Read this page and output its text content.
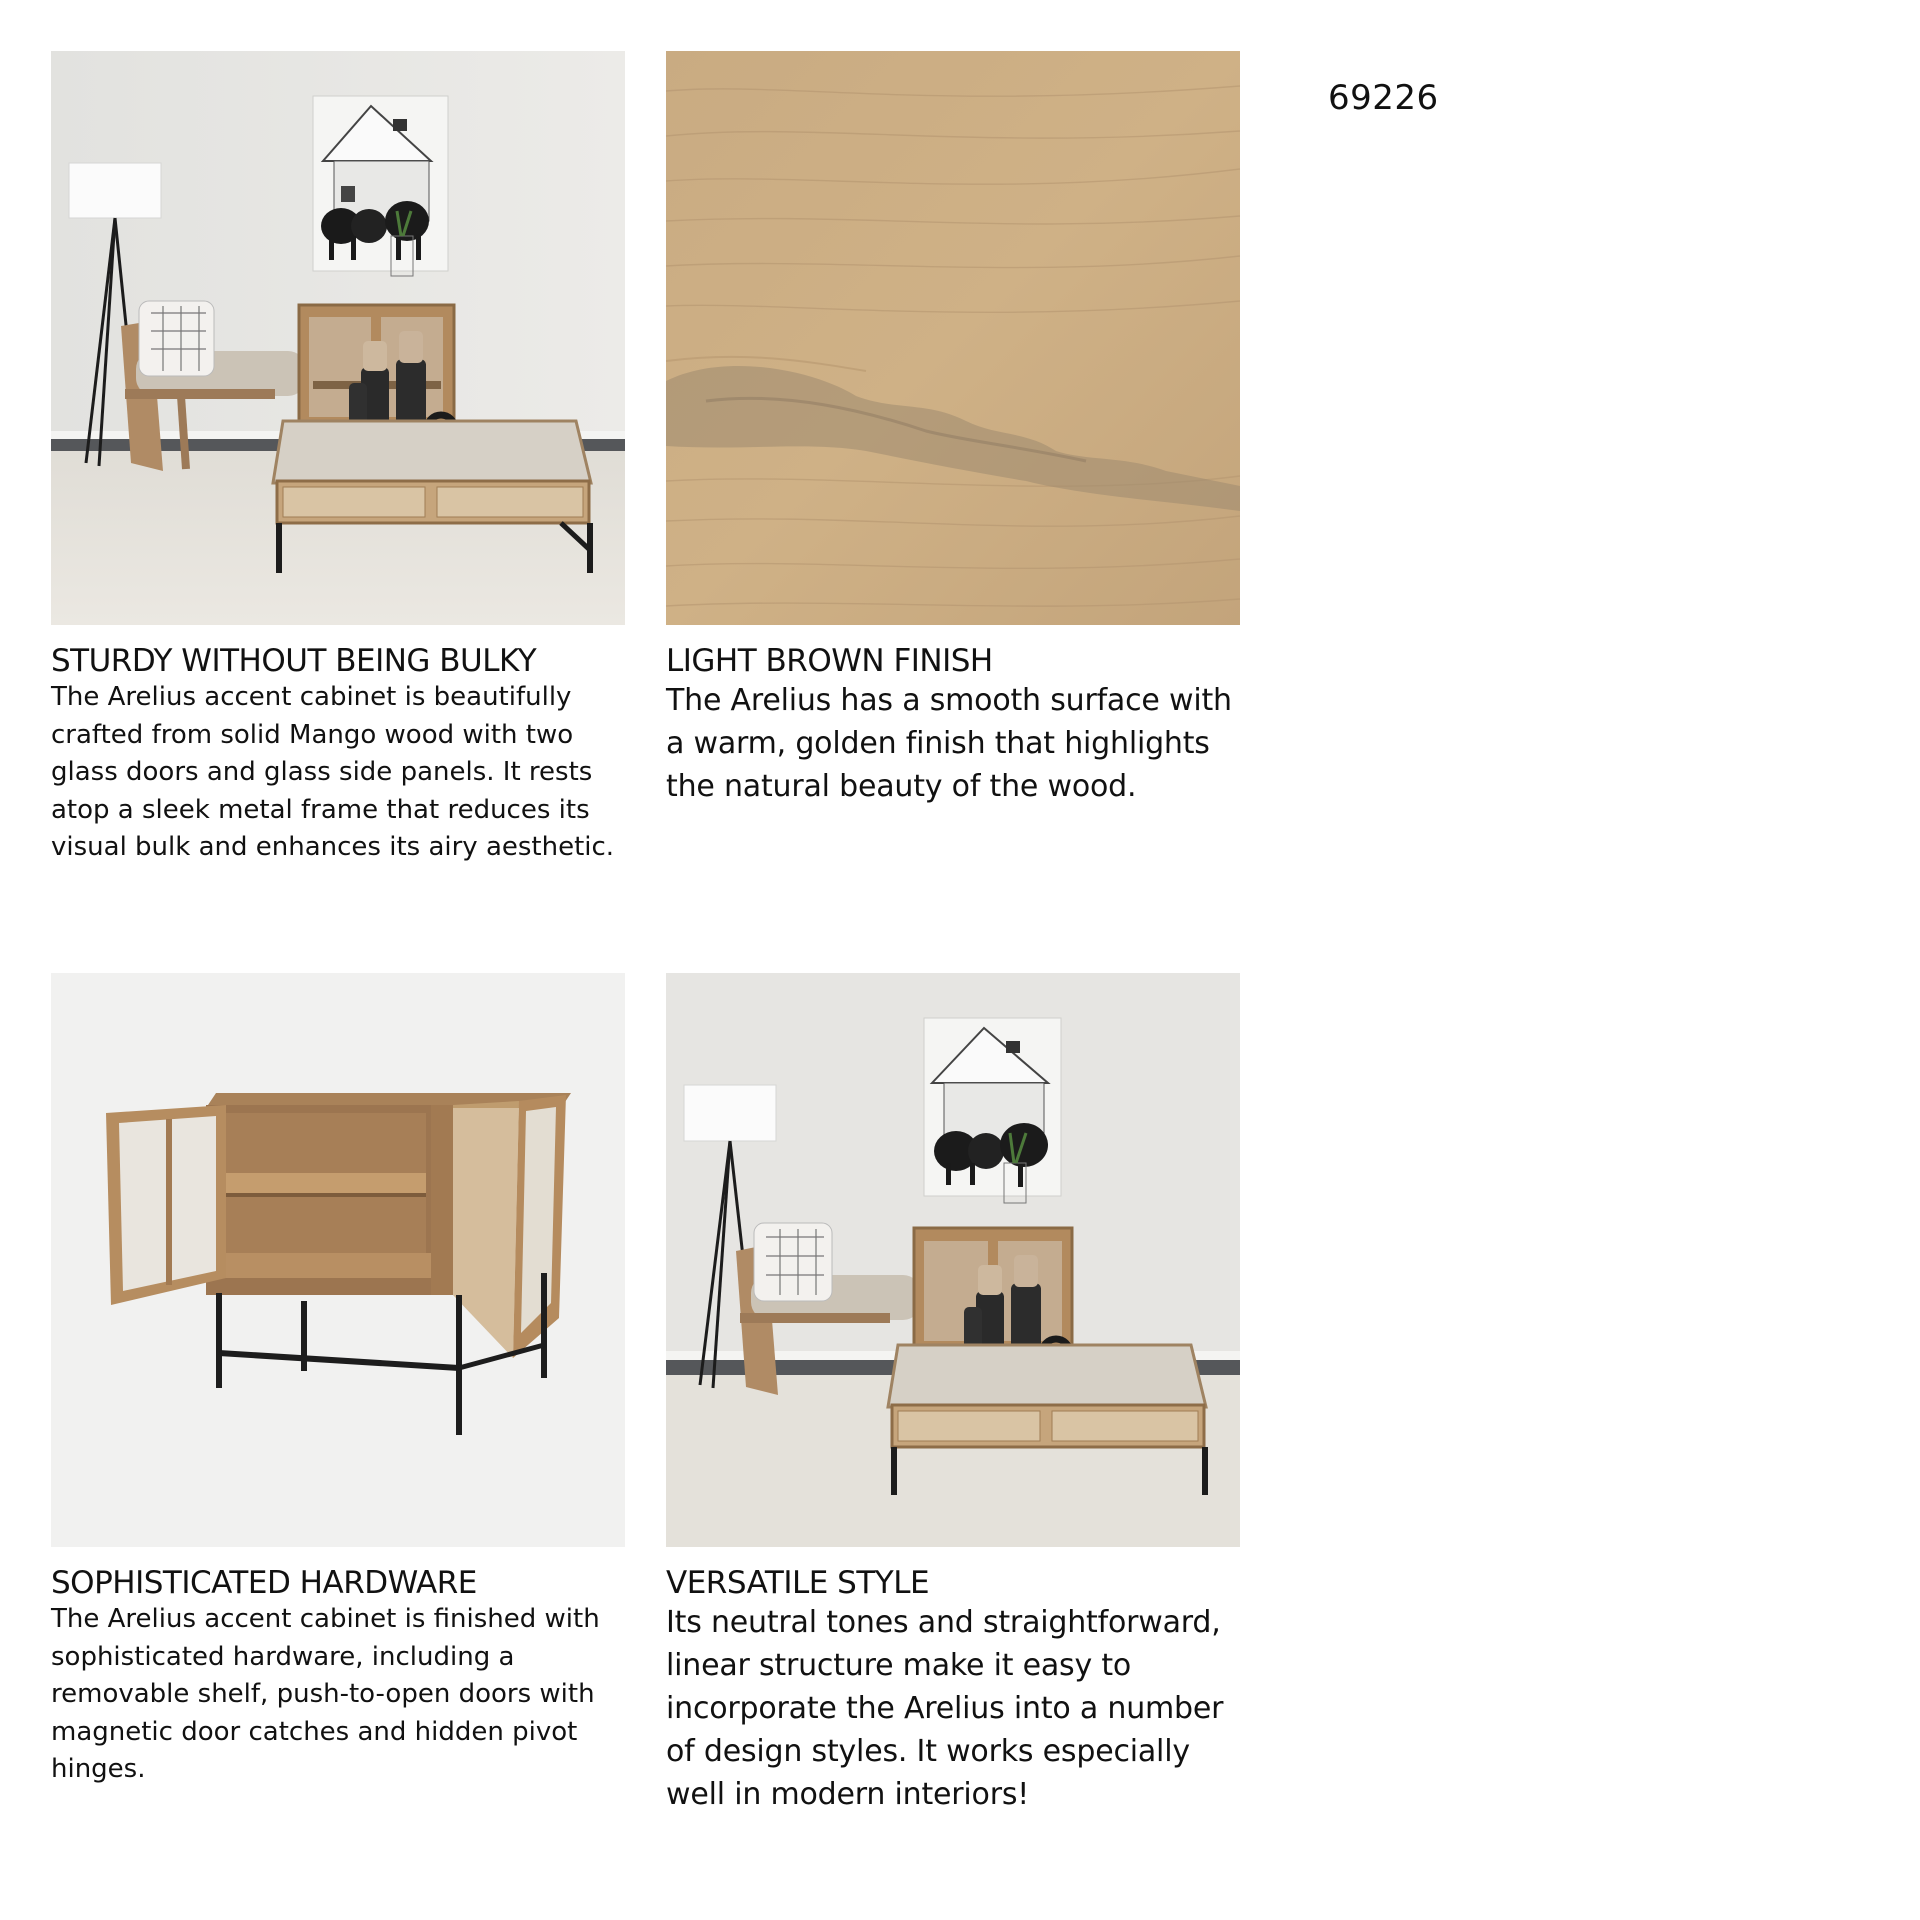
69226
STURDY WITHOUT BEING BULKY

The Arelius accent cabinet is beautifully crafted from solid Mango wood with two glass doors and glass side panels. It rests atop a sleek metal frame that reduces its visual bulk and enhances its airy aesthetic.

LIGHT BROWN FINISH

The Arelius has a smooth surface with a warm, golden finish that highlights the natural beauty of the wood.

SOPHISTICATED HARDWARE

The Arelius accent cabinet is finished with sophisticated hardware, including a removable shelf, push-to-open doors with magnetic door catches and hidden pivot hinges.

VERSATILE STYLE

Its neutral tones and straightforward, linear structure make it easy to incorporate the Arelius into a number of design styles. It works especially well in modern interiors!
